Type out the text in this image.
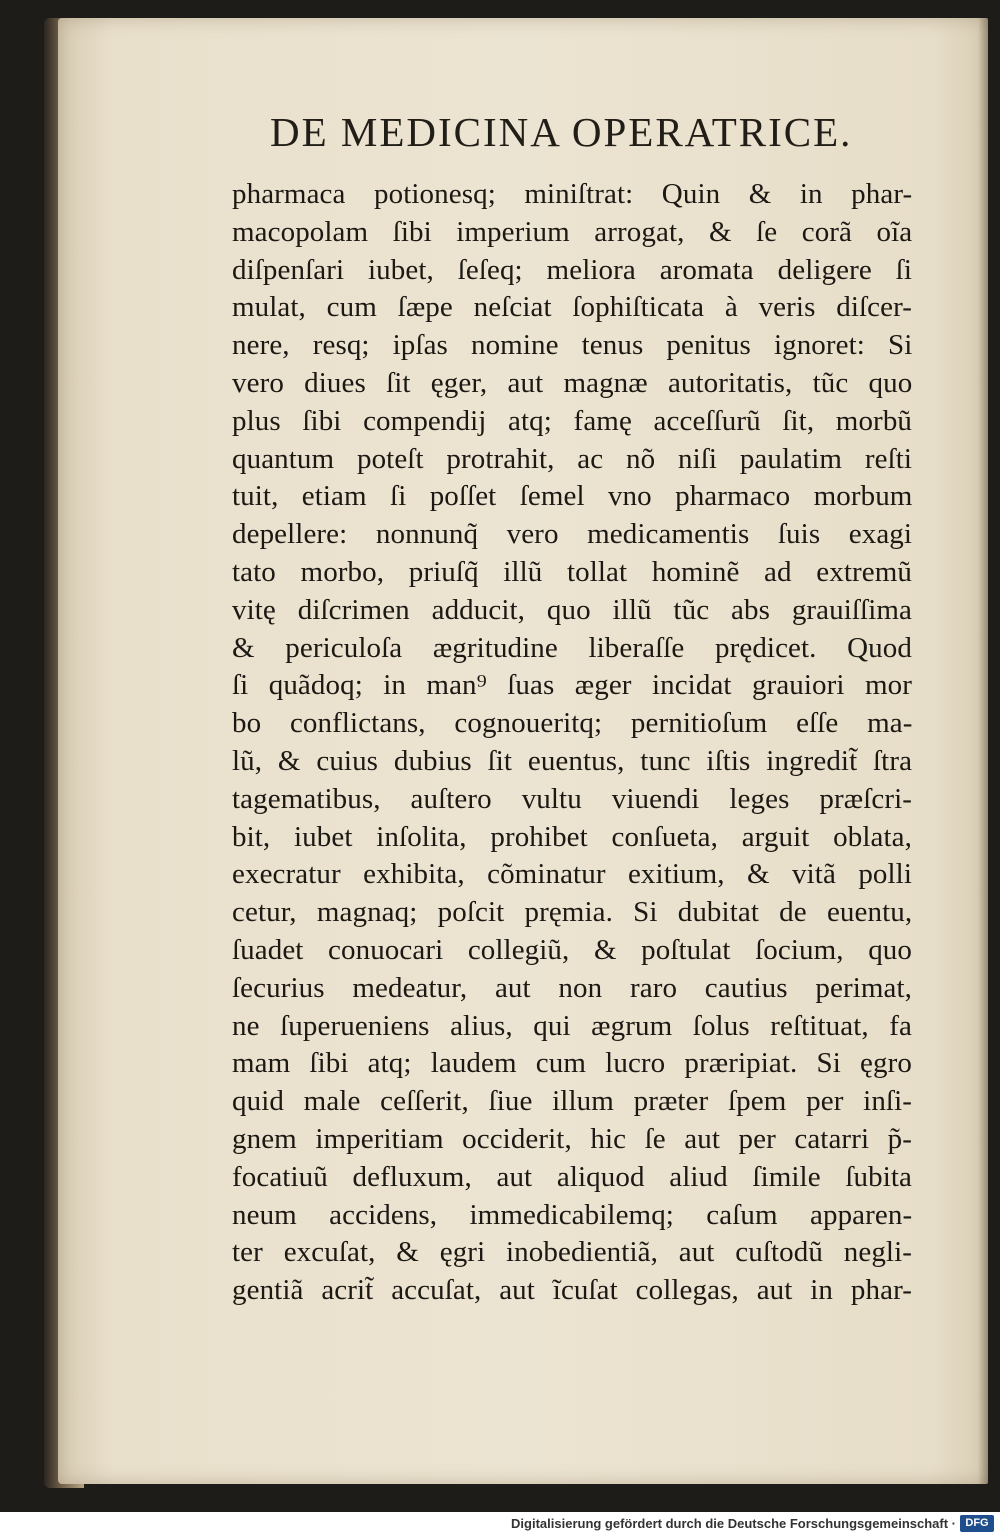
DE MEDICINA OPERATRICE.
pharmaca potionesq; miniſtrat: Quin & in phar-
macopolam ſibi imperium arrogat, & ſe corã oĩa
diſpenſari iubet, ſeſeq; meliora aromata deligere ſi
mulat, cum ſæpe neſciat ſophiſticata à veris diſcer-
nere, resq; ipſas nomine tenus penitus ignoret: Si
vero diues ſit ęger, aut magnæ autoritatis, tũc quo
plus ſibi compendij atq; famę acceſſurũ ſit, morbũ
quantum poteſt protrahit, ac nõ niſi paulatim reſti
tuit, etiam ſi poſſet ſemel vno pharmaco morbum
depellere: nonnunq̃ vero medicamentis ſuis exagi
tato morbo, priuſq̃ illũ tollat hominẽ ad extremũ
vitę diſcrimen adducit, quo illũ tũc abs grauiſſima
& periculoſa ægritudine liberaſſe prędicet. Quod
ſi quãdoq; in man⁹ ſuas æger incidat grauiori mor
bo conflictans, cognoueritq; pernitioſum eſſe ma-
lũ, & cuius dubius ſit euentus, tunc iſtis ingredit̃ ſtra
tagematibus, auſtero vultu viuendi leges præſcri-
bit, iubet inſolita, prohibet conſueta, arguit oblata,
execratur exhibita, cõminatur exitium, & vitã polli
cetur, magnaq; poſcit pręmia. Si dubitat de euentu,
ſuadet conuocari collegiũ, & poſtulat ſocium, quo
ſecurius medeatur, aut non raro cautius perimat,
ne ſuperueniens alius, qui ægrum ſolus reſtituat, fa
mam ſibi atq; laudem cum lucro præripiat. Si ęgro
quid male ceſſerit, ſiue illum præter ſpem per inſi-
gnem imperitiam occiderit, hic ſe aut per catarri p̃-
focatiuũ defluxum, aut aliquod aliud ſimile ſubita
neum accidens, immedicabilemq; caſum apparen-
ter excuſat, & ęgri inobedientiã, aut cuſtodũ negli-
gentiã acrit̃ accuſat, aut ĩcuſat collegas, aut in phar-
Digitalisierung gefördert durch die Deutsche Forschungsgemeinschaft · DFG
